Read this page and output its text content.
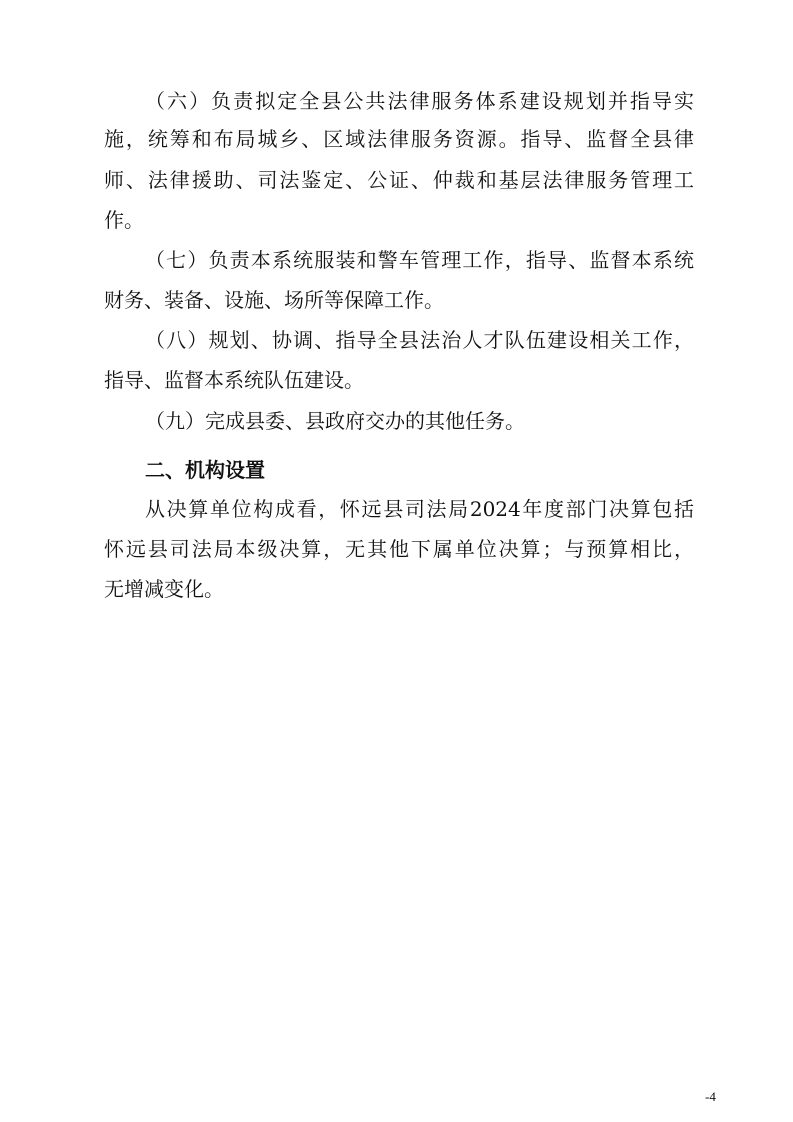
（六）负责拟定全县公共法律服务体系建设规划并指导实
施，统筹和布局城乡、区域法律服务资源。指导、监督全县律
师、法律援助、司法鉴定、公证、仲裁和基层法律服务管理工
作。
（七）负责本系统服装和警车管理工作，指导、监督本系统
财务、装备、设施、场所等保障工作。
（八）规划、协调、指导全县法治人才队伍建设相关工作，
指导、监督本系统队伍建设。
（九）完成县委、县政府交办的其他任务。
二、机构设置
从决算单位构成看，怀远县司法局2024年度部门决算包括
怀远县司法局本级决算，无其他下属单位决算；与预算相比，
无增减变化。
-4
